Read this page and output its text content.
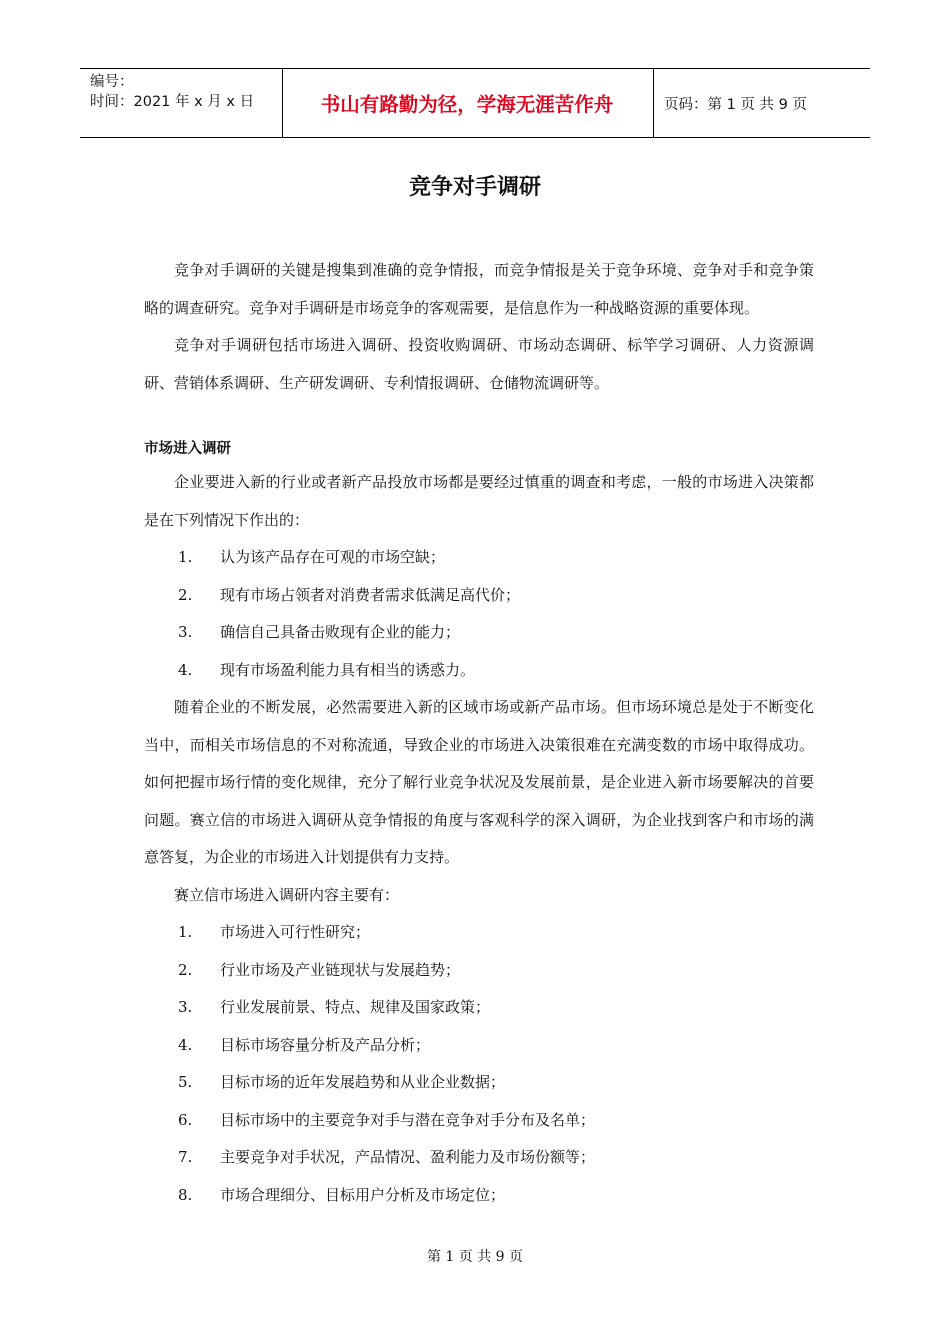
编号：
时间：2021 年 x 月 x 日	书山有路勤为径，学海无涯苦作舟	页码：第 1 页 共 9 页
竞争对手调研

竞争对手调研的关键是搜集到准确的竞争情报，而竞争情报是关于竞争环境、竞争对手和竞争策略的调查研究。竞争对手调研是市场竞争的客观需要，是信息作为一种战略资源的重要体现。

竞争对手调研包括市场进入调研、投资收购调研、市场动态调研、标竿学习调研、人力资源调研、营销体系调研、生产研发调研、专利情报调研、仓储物流调研等。

市场进入调研

企业要进入新的行业或者新产品投放市场都是要经过慎重的调查和考虑，一般的市场进入决策都是在下列情况下作出的：

1. 认为该产品存在可观的市场空缺；
2. 现有市场占领者对消费者需求低满足高代价；
3. 确信自己具备击败现有企业的能力；
4. 现有市场盈利能力具有相当的诱惑力。

随着企业的不断发展，必然需要进入新的区域市场或新产品市场。但市场环境总是处于不断变化当中，而相关市场信息的不对称流通，导致企业的市场进入决策很难在充满变数的市场中取得成功。如何把握市场行情的变化规律，充分了解行业竞争状况及发展前景，是企业进入新市场要解决的首要问题。赛立信的市场进入调研从竞争情报的角度与客观科学的深入调研，为企业找到客户和市场的满意答复，为企业的市场进入计划提供有力支持。

赛立信市场进入调研内容主要有：

1. 市场进入可行性研究；
2. 行业市场及产业链现状与发展趋势；
3. 行业发展前景、特点、规律及国家政策；
4. 目标市场容量分析及产品分析；
5. 目标市场的近年发展趋势和从业企业数据；
6. 目标市场中的主要竞争对手与潜在竞争对手分布及名单；
7. 主要竞争对手状况，产品情况、盈利能力及市场份额等；
8. 市场合理细分、目标用户分析及市场定位；
第 1 页 共 9 页
